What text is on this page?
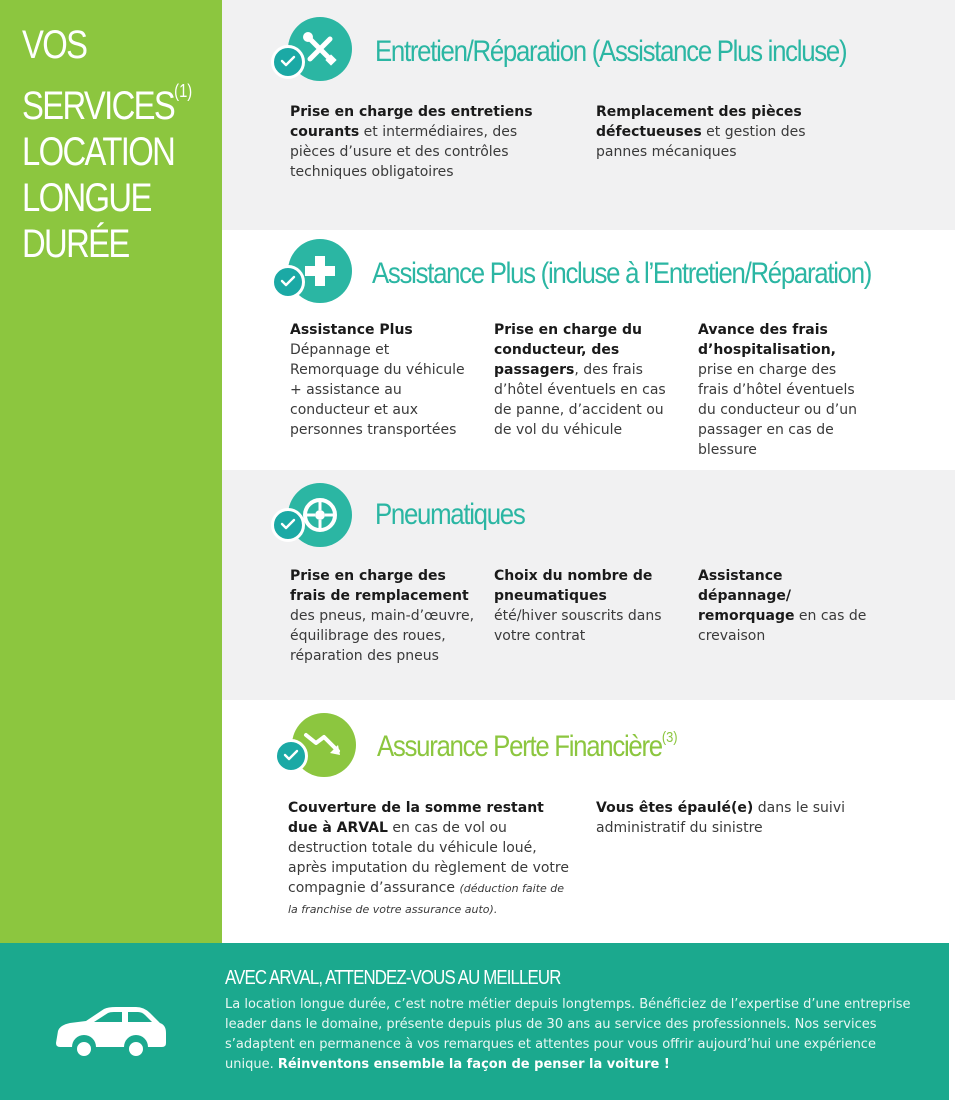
VOS
SERVICES$^{(1)}$
LOCATION
LONGUE
DURÉE
Entretien/Réparation (Assistance Plus incluse)
Prise en charge des entretiens courants et intermédiaires, des pièces d’usure et des contrôles techniques obligatoires
Remplacement des pièces défectueuses et gestion des pannes mécaniques
Assistance Plus (incluse à l’Entretien/Réparation)
Assistance Plus
Dépannage et Remorquage du véhicule + assistance au conducteur et aux personnes transportées
Prise en charge du conducteur, des passagers, des frais d’hôtel éventuels en cas de panne, d’accident ou de vol du véhicule
Avance des frais d’hospitalisation,
prise en charge des frais d’hôtel éventuels du conducteur ou d’un passager en cas de blessure
Pneumatiques
Prise en charge des frais de remplacement
des pneus, main-d’œuvre, équilibrage des roues, réparation des pneus
Choix du nombre de pneumatiques
été/hiver souscrits dans votre contrat
Assistance dépannage/ remorquage en cas de crevaison
Assurance Perte Financière$^{(3)}$
Couverture de la somme restant due à ARVAL en cas de vol ou destruction totale du véhicule loué, après imputation du règlement de votre compagnie d’assurance (déduction faite de la franchise de votre assurance auto).
Vous êtes épaulé(e) dans le suivi administratif du sinistre
AVEC ARVAL, ATTENDEZ-VOUS AU MEILLEUR
La location longue durée, c’est notre métier depuis longtemps. Bénéficiez de l’expertise d’une entreprise leader dans le domaine, présente depuis plus de 30 ans au service des professionnels. Nos services s’adaptent en permanence à vos remarques et attentes pour vous offrir aujourd’hui une expérience unique. Réinventons ensemble la façon de penser la voiture !
